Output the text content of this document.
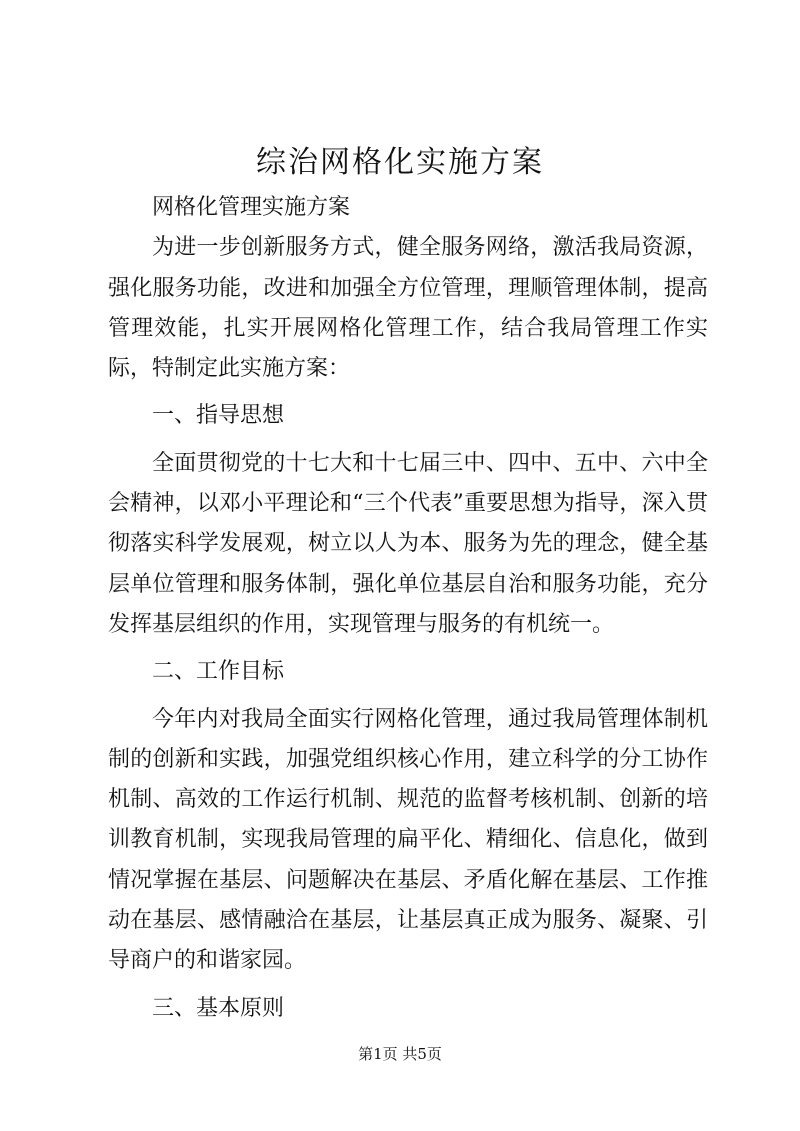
综治网格化实施方案

网格化管理实施方案

为进一步创新服务方式，健全服务网络，激活我局资源，强化服务功能，改进和加强全方位管理，理顺管理体制，提高管理效能，扎实开展网格化管理工作，结合我局管理工作实际，特制定此实施方案：

一、指导思想

全面贯彻党的十七大和十七届三中、四中、五中、六中全会精神，以邓小平理论和“三个代表”重要思想为指导，深入贯彻落实科学发展观，树立以人为本、服务为先的理念，健全基层单位管理和服务体制，强化单位基层自治和服务功能，充分发挥基层组织的作用，实现管理与服务的有机统一。

二、工作目标

今年内对我局全面实行网格化管理，通过我局管理体制机制的创新和实践，加强党组织核心作用，建立科学的分工协作机制、高效的工作运行机制、规范的监督考核机制、创新的培训教育机制，实现我局管理的扁平化、精细化、信息化，做到情况掌握在基层、问题解决在基层、矛盾化解在基层、工作推动在基层、感情融洽在基层，让基层真正成为服务、凝聚、引导商户的和谐家园。

三、基本原则

第1页 共5页
